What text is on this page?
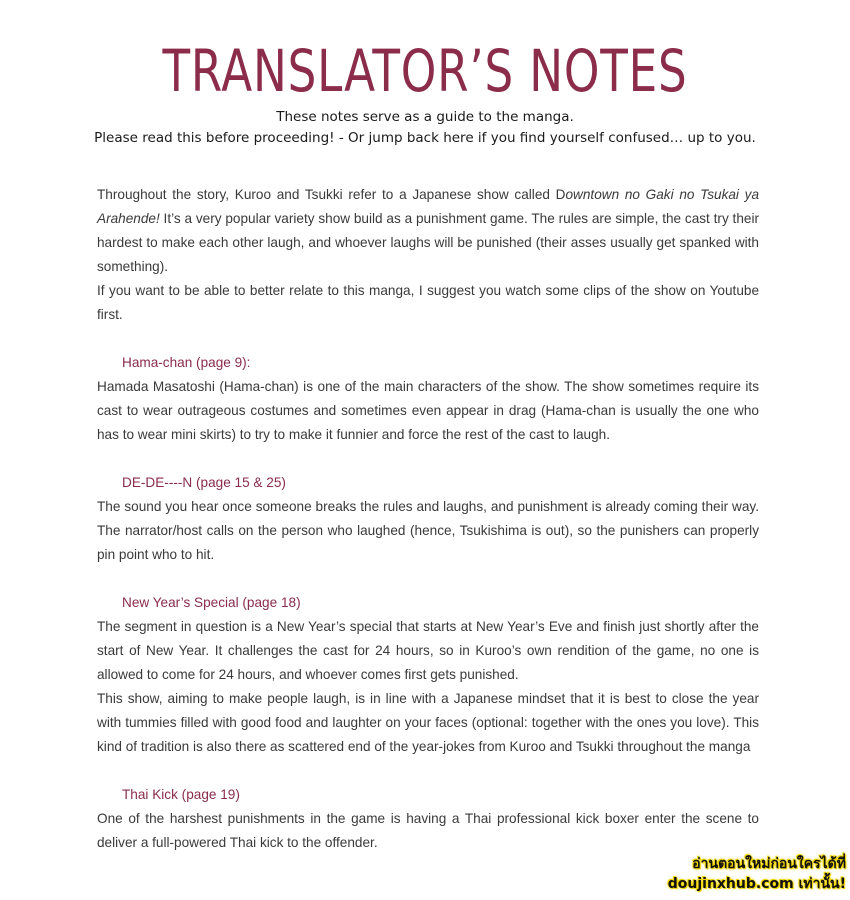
TRANSLATOR’S NOTES
These notes serve as a guide to the manga.
Please read this before proceeding! - Or jump back here if you find yourself confused… up to you.

Throughout the story, Kuroo and Tsukki refer to a Japanese show called Downtown no Gaki no Tsukai ya Arahende! It’s a very popular variety show build as a punishment game. The rules are simple, the cast try their hardest to make each other laugh, and whoever laughs will be punished (their asses usually get spanked with something).

If you want to be able to better relate to this manga, I suggest you watch some clips of the show on Youtube first.

Hama-chan (page 9):

Hamada Masatoshi (Hama-chan) is one of the main characters of the show. The show sometimes require its cast to wear outrageous costumes and sometimes even appear in drag (Hama-chan is usually the one who has to wear mini skirts) to try to make it funnier and force the rest of the cast to laugh.

DE-DE----N (page 15 & 25)

The sound you hear once someone breaks the rules and laughs, and punishment is already coming their way. The narrator/host calls on the person who laughed (hence, Tsukishima is out), so the punishers can properly pin point who to hit.

New Year’s Special (page 18)

The segment in question is a New Year’s special that starts at New Year’s Eve and finish just shortly after the start of New Year. It challenges the cast for 24 hours, so in Kuroo’s own rendition of the game, no one is allowed to come for 24 hours, and whoever comes first gets punished.

This show, aiming to make people laugh, is in line with a Japanese mindset that it is best to close the year with tummies filled with good food and laughter on your faces (optional: together with the ones you love). This kind of tradition is also there as scattered end of the year-jokes from Kuroo and Tsukki throughout the manga

Thai Kick (page 19)

One of the harshest punishments in the game is having a Thai professional kick boxer enter the scene to deliver a full-powered Thai kick to the offender.

อ่านตอนใหม่ก่อนใครได้ที่
doujinxhub.com เท่านั้น!
